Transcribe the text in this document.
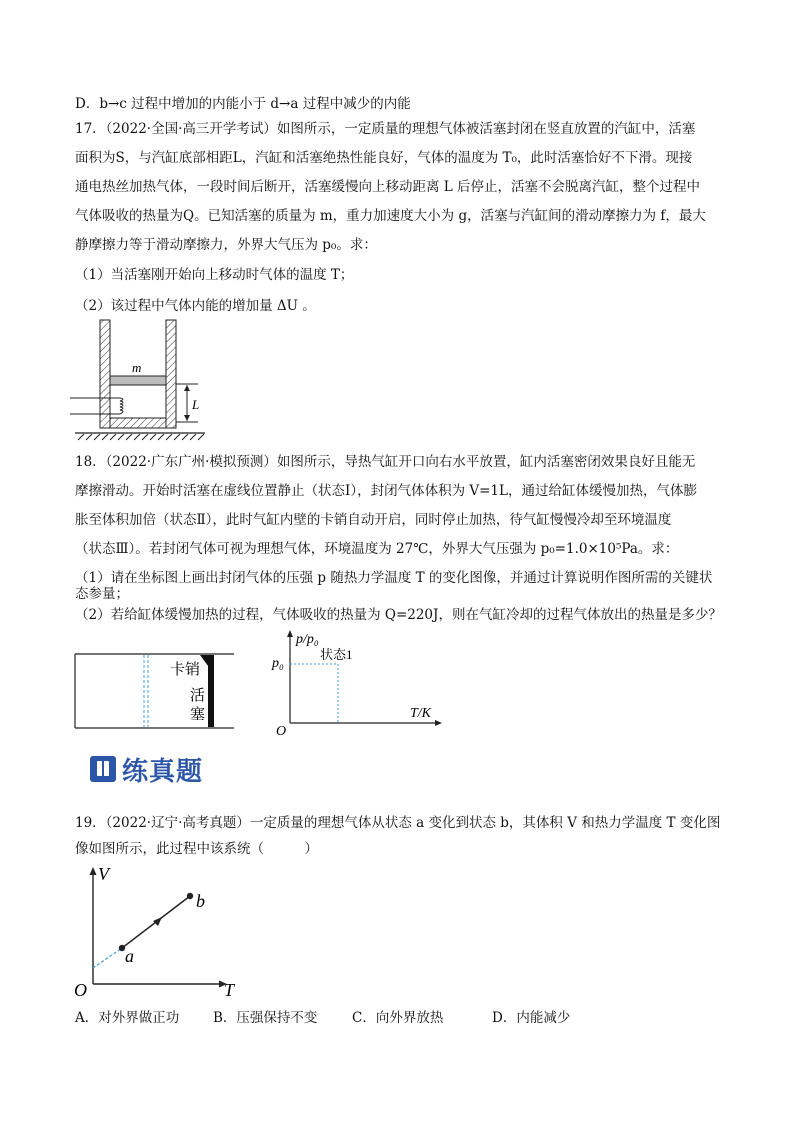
D．b→c 过程中增加的内能小于 d→a 过程中减少的内能
17．（2022·全国·高三开学考试）如图所示，一定质量的理想气体被活塞封闭在竖直放置的汽缸中，活塞
面积为S，与汽缸底部相距L，汽缸和活塞绝热性能良好，气体的温度为 T₀，此时活塞恰好不下滑。现接
通电热丝加热气体，一段时间后断开，活塞缓慢向上移动距离 L 后停止，活塞不会脱离汽缸，整个过程中
气体吸收的热量为Q。已知活塞的质量为 m，重力加速度大小为 g，活塞与汽缸间的滑动摩擦力为 f，最大
静摩擦力等于滑动摩擦力，外界大气压为 p₀。求：
（1）当活塞刚开始向上移动时气体的温度 T；
（2）该过程中气体内能的增加量 ΔU 。
m
L
18．（2022·广东广州·模拟预测）如图所示，导热气缸开口向右水平放置，缸内活塞密闭效果良好且能无
摩擦滑动。开始时活塞在虚线位置静止（状态Ⅰ），封闭气体体积为 V=1L，通过给缸体缓慢加热，气体膨
胀至体积加倍（状态Ⅱ），此时气缸内壁的卡销自动开启，同时停止加热，待气缸慢慢冷却至环境温度
（状态Ⅲ）。若封闭气体可视为理想气体，环境温度为 27℃，外界大气压强为 p₀=1.0×10⁵Pa。求：
（1）请在坐标图上画出封闭气体的压强 p 随热力学温度 T 的变化图像，并通过计算说明作图所需的关键状
态参量；
（2）若给缸体缓慢加热的过程，气体吸收的热量为 Q=220J，则在气缸冷却的过程气体放出的热量是多少？
卡销
活
塞
p/p₀
p₀
状态1
T/K
O
练真题
19．（2022·辽宁·高考真题）一定质量的理想气体从状态 a 变化到状态 b，其体积 V 和热力学温度 T 变化图
像如图所示，此过程中该系统（　　　）
V
T
O
a
b
A．对外界做正功	B．压强保持不变	C．向外界放热	D．内能减少
